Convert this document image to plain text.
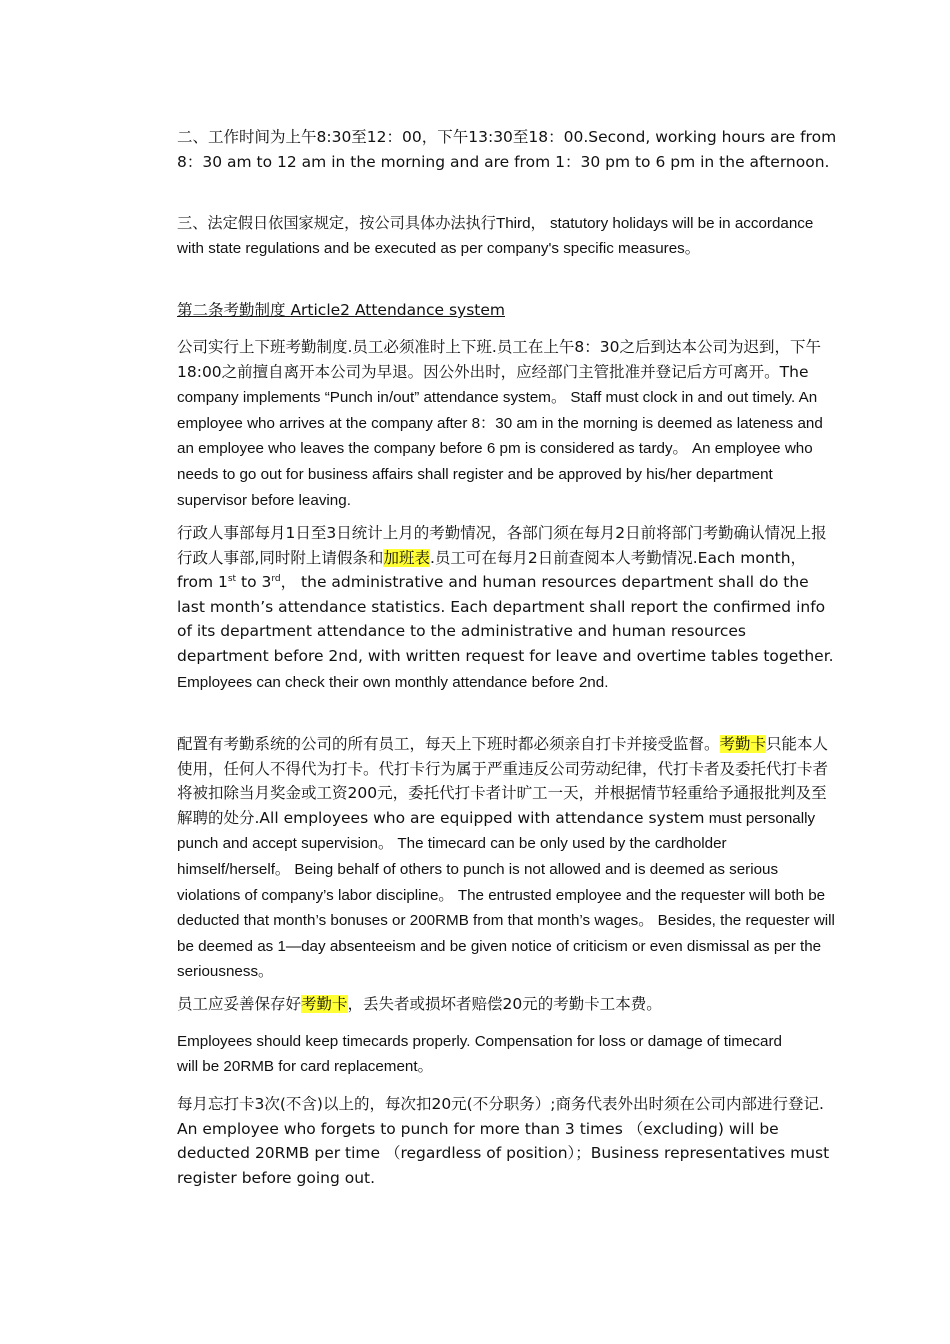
二、工作时间为上午8:30至12：00，下午13:30至18：00.Second, working hours are from 8：30 am to 12 am in the morning and are from 1：30 pm to 6 pm in the afternoon.

三、法定假日依国家规定，按公司具体办法执行Third， statutory holidays will be in accordance with state regulations and be executed as per company's specific measures。

第二条考勤制度 Article2 Attendance system

公司实行上下班考勤制度.员工必须准时上下班.员工在上午8：30之后到达本公司为迟到，下午18:00之前擅自离开本公司为早退。因公外出时，应经部门主管批准并登记后方可离开。The company implements “Punch in/out” attendance system。 Staff must clock in and out timely. An employee who arrives at the company after 8：30 am in the morning is deemed as lateness and an employee who leaves the company before 6 pm is considered as tardy。 An employee who needs to go out for business affairs shall register and be approved by his/her department supervisor before leaving.

行政人事部每月1日至3日统计上月的考勤情况，各部门须在每月2日前将部门考勤确认情况上报行政人事部,同时附上请假条和加班表.员工可在每月2日前查阅本人考勤情况.Each month， from 1st to 3rd， the administrative and human resources department shall do the last month’s attendance statistics. Each department shall report the confirmed info of its department attendance to the administrative and human resources department before 2nd, with written request for leave and overtime tables together. Employees can check their own monthly attendance before 2nd.

配置有考勤系统的公司的所有员工，每天上下班时都必须亲自打卡并接受监督。考勤卡只能本人使用，任何人不得代为打卡。代打卡行为属于严重违反公司劳动纪律，代打卡者及委托代打卡者将被扣除当月奖金或工资200元，委托代打卡者计旷工一天，并根据情节轻重给予通报批判及至解聘的处分.All employees who are equipped with attendance system must personally punch and accept supervision。 The timecard can be only used by the cardholder himself/herself。 Being behalf of others to punch is not allowed and is deemed as serious violations of company’s labor discipline。 The entrusted employee and the requester will both be deducted that month’s bonuses or 200RMB from that month’s wages。 Besides, the requester will be deemed as 1—day absenteeism and be given notice of criticism or even dismissal as per the seriousness。

员工应妥善保存好考勤卡，丢失者或损坏者赔偿20元的考勤卡工本费。

Employees should keep timecards properly. Compensation for loss or damage of timecard will be 20RMB for card replacement。

每月忘打卡3次(不含)以上的，每次扣20元(不分职务）;商务代表外出时须在公司内部进行登记. An employee who forgets to punch for more than 3 times （excluding) will be deducted 20RMB per time （regardless of position）；Business representatives must register before going out.
